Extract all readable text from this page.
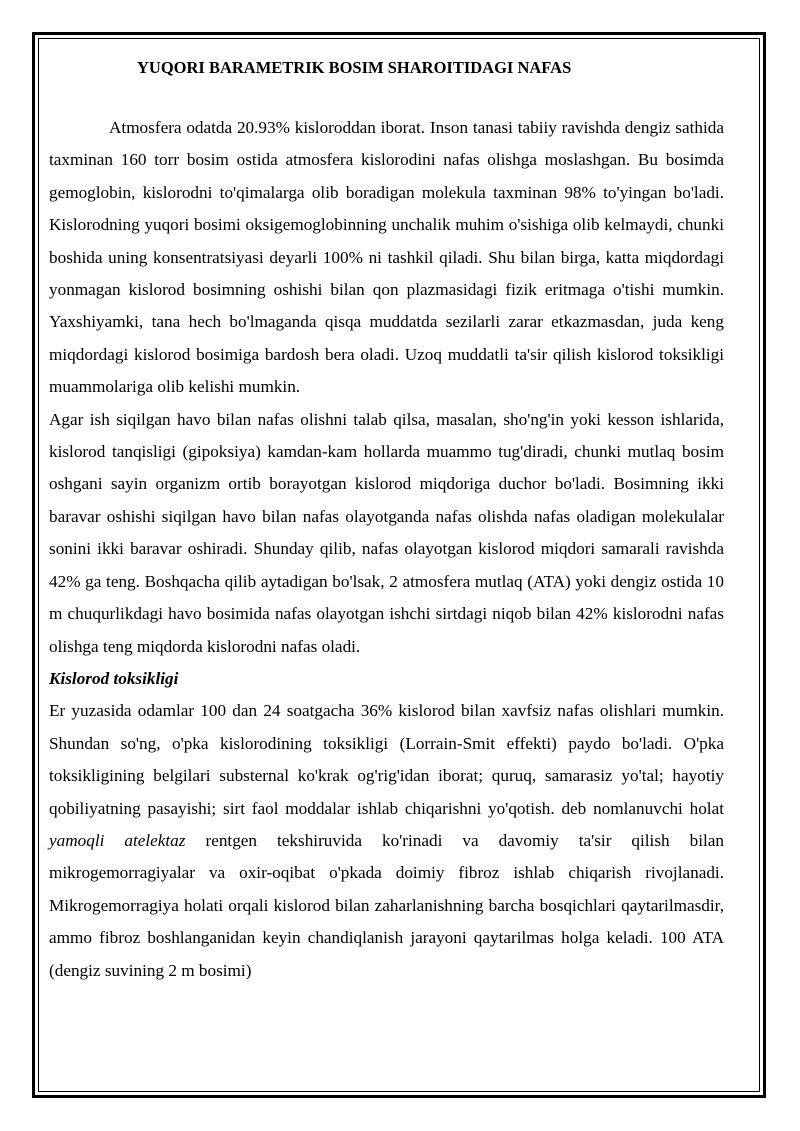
YUQORI BARAMETRIK BOSIM SHAROITIDAGI NAFAS

Atmosfera odatda 20.93% kisloroddan iborat. Inson tanasi tabiiy ravishda dengiz sathida taxminan 160 torr bosim ostida atmosfera kislorodini nafas olishga moslashgan. Bu bosimda gemoglobin, kislorodni to'qimalarga olib boradigan molekula taxminan 98% to'yingan bo'ladi. Kislorodning yuqori bosimi oksigemoglobinning unchalik muhim o'sishiga olib kelmaydi, chunki boshida uning konsentratsiyasi deyarli 100% ni tashkil qiladi. Shu bilan birga, katta miqdordagi yonmagan kislorod bosimning oshishi bilan qon plazmasidagi fizik eritmaga o'tishi mumkin. Yaxshiyamki, tana hech bo'lmaganda qisqa muddatda sezilarli zarar etkazmasdan, juda keng miqdordagi kislorod bosimiga bardosh bera oladi. Uzoq muddatli ta'sir qilish kislorod toksikligi muammolariga olib kelishi mumkin.

Agar ish siqilgan havo bilan nafas olishni talab qilsa, masalan, sho'ng'in yoki kesson ishlarida, kislorod tanqisligi (gipoksiya) kamdan-kam hollarda muammo tug'diradi, chunki mutlaq bosim oshgani sayin organizm ortib borayotgan kislorod miqdoriga duchor bo'ladi. Bosimning ikki baravar oshishi siqilgan havo bilan nafas olayotganda nafas olishda nafas oladigan molekulalar sonini ikki baravar oshiradi. Shunday qilib, nafas olayotgan kislorod miqdori samarali ravishda 42% ga teng. Boshqacha qilib aytadigan bo'lsak, 2 atmosfera mutlaq (ATA) yoki dengiz ostida 10 m chuqurlikdagi havo bosimida nafas olayotgan ishchi sirtdagi niqob bilan 42% kislorodni nafas olishga teng miqdorda kislorodni nafas oladi.

Kislorod toksikligi

Er yuzasida odamlar 100 dan 24 soatgacha 36% kislorod bilan xavfsiz nafas olishlari mumkin. Shundan so'ng, o'pka kislorodining toksikligi (Lorrain-Smit effekti) paydo bo'ladi. O'pka toksikligining belgilari substernal ko'krak og'rig'idan iborat; quruq, samarasiz yo'tal; hayotiy qobiliyatning pasayishi; sirt faol moddalar ishlab chiqarishni yo'qotish. deb nomlanuvchi holat yamoqli atelektaz rentgen tekshiruvida ko'rinadi va davomiy ta'sir qilish bilan mikrogemorragiyalar va oxir-oqibat o'pkada doimiy fibroz ishlab chiqarish rivojlanadi. Mikrogemorragiya holati orqali kislorod bilan zaharlanishning barcha bosqichlari qaytarilmasdir, ammo fibroz boshlanganidan keyin chandiqlanish jarayoni qaytarilmas holga keladi. 100 ATA (dengiz suvining 2 m bosimi)
